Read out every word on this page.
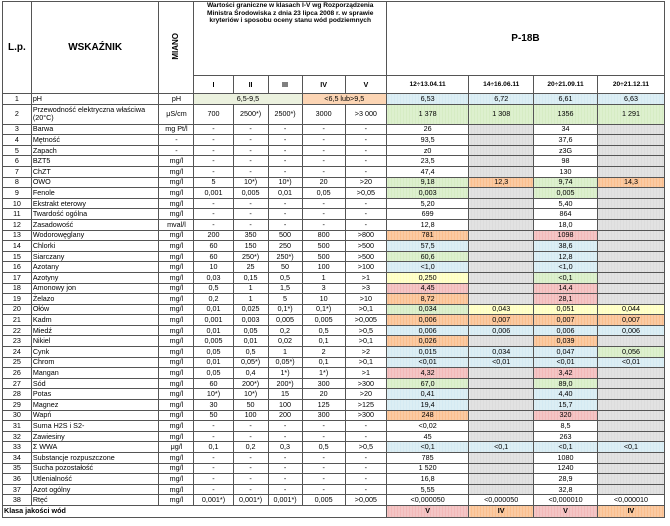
L.p.	WSKAŹNIK	MIANO	Wartości graniczne w klasach I-V wg Rozporządzenia Ministra Środowiska z dnia 23 lipca 2008 r. w sprawie kryteriów i sposobu oceny stanu wód podziemnych					P-18B			
			I	II	III	IV	V	12÷13.04.11	14÷16.06.11	20÷21.09.11	20÷21.12.11
1	pH	pH	6,5-9,5			<6,5 lub>9,5		6,53	6,72	6,61	6,63
2	Przewodność elektryczna właściwa (20°C)	μS/cm	700	2500*)	2500*)	3000	>3 000	1 378	1 308	1356	1 291
3	Barwa	mg Pt/l	-	-	-	-	-	26		34	
4	Mętność	-	-	-	-	-	-	93,5		37,6	
5	Zapach	-	-	-	-	-	-	z0		z3G	
6	BZT5	mg/l	-	-	-	-	-	23,5		98	
7	ChZT	mg/l	-	-	-	-	-	47,4		130	
8	OWO	mg/l	5	10*)	10*)	20	>20	9,18	12,3	9,74	14,3
9	Fenole	mg/l	0,001	0,005	0,01	0,05	>0,05	0,003		0,005	
10	Ekstrakt eterowy	mg/l	-	-	-	-	-	5,20		5,40	
11	Twardość ogólna	mg/l	-	-	-	-	-	699		864	
12	Zasadowość	mval/l	-	-	-	-	-	12,8		18,0	
13	Wodorowęglany	mg/l	200	350	500	800	>800	781		1098	
14	Chlorki	mg/l	60	150	250	500	>500	57,5		38,6	
15	Siarczany	mg/l	60	250*)	250*)	500	>500	60,6		12,8	
16	Azotany	mg/l	10	25	50	100	>100	<1,0		<1,0	
17	Azotyny	mg/l	0,03	0,15	0,5	1	>1	0,250		<0,1	
18	Amonowy jon	mg/l	0,5	1	1,5	3	>3	4,45		14,4	
19	Żelazo	mg/l	0,2	1	5	10	>10	8,72		28,1	
20	Ołów	mg/l	0,01	0,025	0,1*)	0,1*)	>0,1	0,034	0,043	0,051	0,044
21	Kadm	mg/l	0,001	0,003	0,005	0,005	>0,005	0,006	0,007	0,007	0,007
22	Miedź	mg/l	0,01	0,05	0,2	0,5	>0,5	0,006	0,006	0,006	0,006
23	Nikiel	mg/l	0,005	0,01	0,02	0,1	>0,1	0,026		0,039	
24	Cynk	mg/l	0,05	0,5	1	2	>2	0,015	0,034	0,047	0,056
25	Chrom	mg/l	0,01	0,05*)	0,05*)	0,1	>0,1	<0,01	<0,01	<0,01	<0,01
26	Mangan	mg/l	0,05	0,4	1*)	1*)	>1	4,32		3,42	
27	Sód	mg/l	60	200*)	200*)	300	>300	67,0		89,0	
28	Potas	mg/l	10*)	10*)	15	20	>20	0,41		4,40	
29	Magnez	mg/l	30	50	100	125	>125	19,4		15,7	
30	Wapń	mg/l	50	100	200	300	>300	248		320	
31	Suma H2S i S2-	mg/l	-	-	-	-	-	<0,02		8,5	
32	Zawiesiny	mg/l	-	-	-	-	-	45		263	
33	Σ WWA	μg/l	0,1	0,2	0,3	0,5	>0,5	<0,1	<0,1	<0,1	<0,1
34	Substancje rozpuszczone	mg/l	-	-	-	-	-	785		1080	
35	Sucha pozostałość	mg/l	-	-	-	-	-	1 520		1240	
36	Utlenialność	mg/l	-	-	-	-	-	16,8		28,9	
37	Azot ogólny	mg/l	-	-	-	-	-	5,55		32,8	
38	Rtęć	mg/l	0,001*)	0,001*)	0,001*)	0,005	>0,005	<0,000050	<0,000050	<0,000010	<0,000010
Klasa jakości wód								V	IV	V	IV
